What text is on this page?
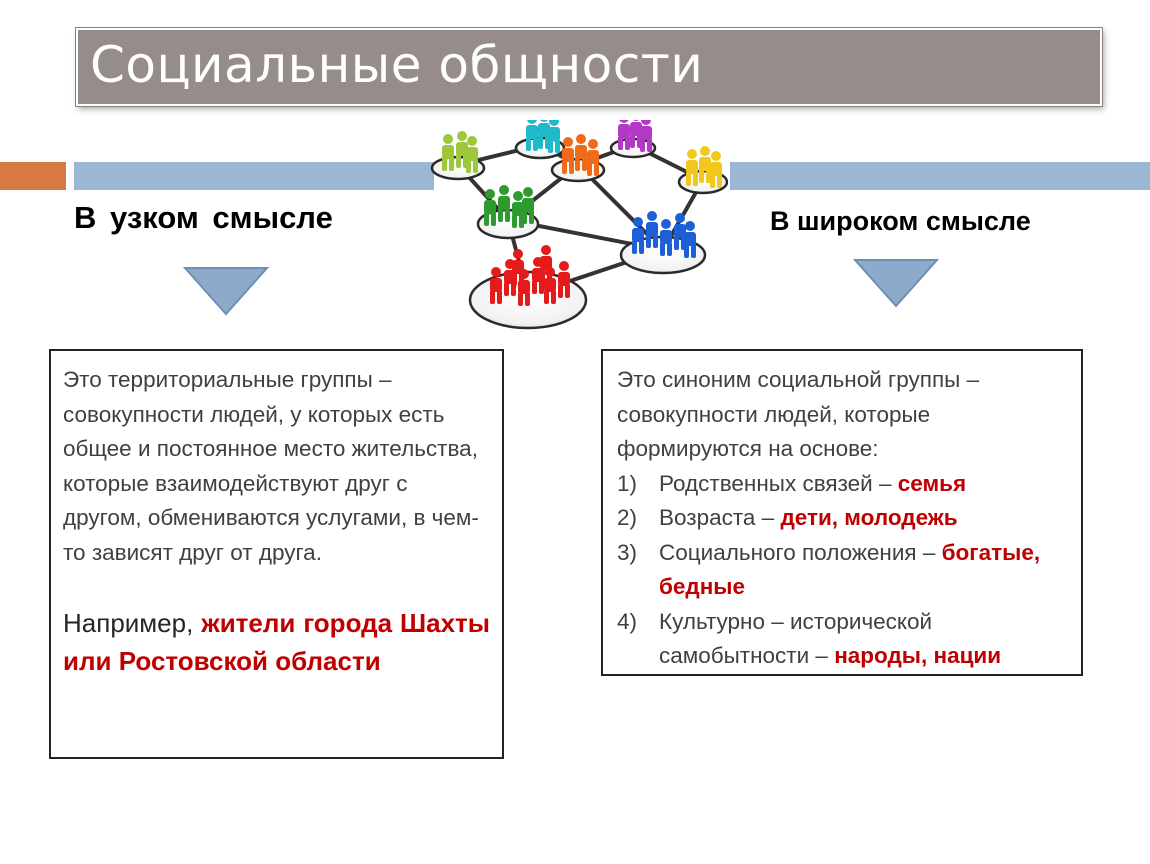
Социальные общности
В узком смысле	В широком смысле

Это территориальные группы – совокупности людей, у которых есть общее и постоянное место жительства, которые взаимодействуют друг с другом, обмениваются услугами, в чем-то зависят друг от друга.

Например, жители города Шахты или Ростовской области

Это синоним социальной группы – совокупности людей, которые формируются на основе:
1) Родственных связей – семья
2) Возраста – дети, молодежь
3) Социального положения – богатые, бедные
4) Культурно – исторической самобытности – народы, нации
